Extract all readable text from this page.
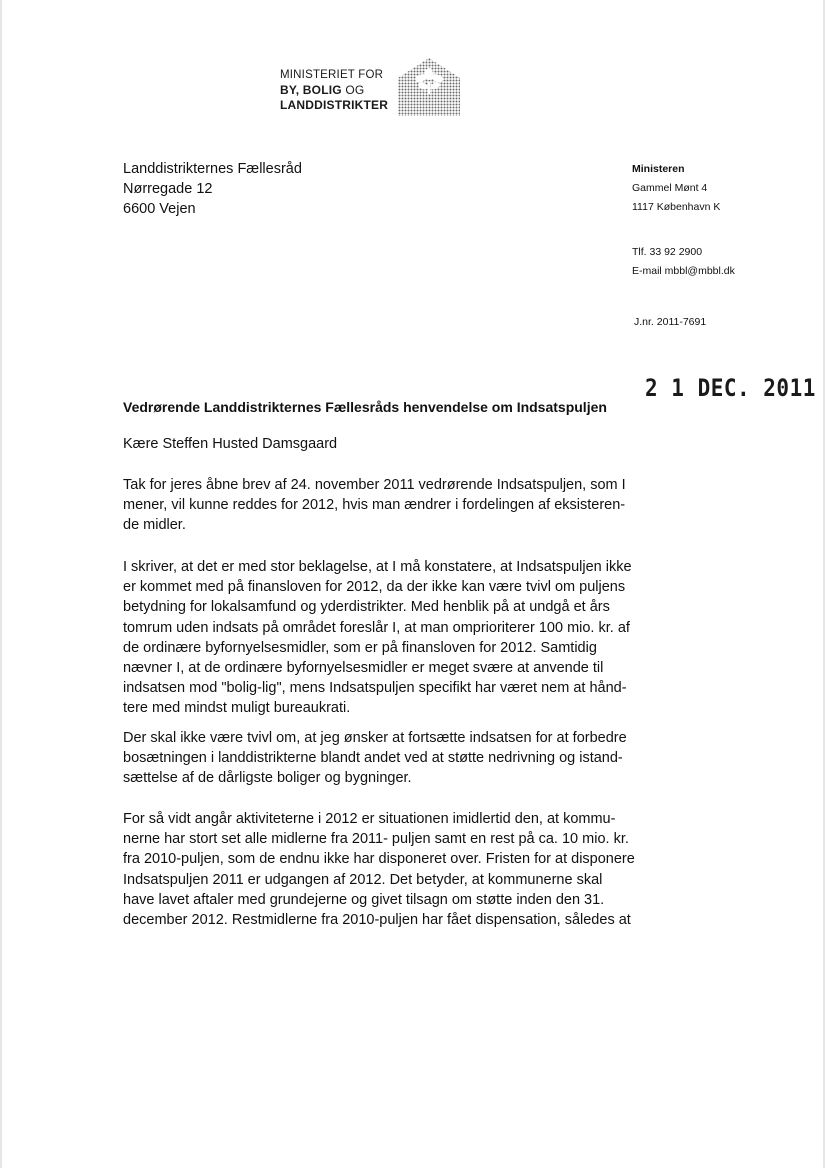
MINISTERIET FOR
BY, BOLIG OG
LANDDISTRIKTER
Landdistrikternes Fællesråd
Nørregade 12
6600 Vejen
Ministeren
Gammel Mønt 4
1117 København K
Tlf. 33 92 2900
E-mail mbbl@mbbl.dk
J.nr. 2011-7691
2 1 DEC. 2011
Vedrørende Landdistrikternes Fællesråds henvendelse om Indsatspuljen
Kære Steffen Husted Damsgaard
Tak for jeres åbne brev af 24. november 2011 vedrørende Indsatspuljen, som I
mener, vil kunne reddes for 2012, hvis man ændrer i fordelingen af eksisteren-
de midler.
I skriver, at det er med stor beklagelse, at I må konstatere, at Indsatspuljen ikke
er kommet med på finansloven for 2012, da der ikke kan være tvivl om puljens
betydning for lokalsamfund og yderdistrikter. Med henblik på at undgå et års
tomrum uden indsats på området foreslår I, at man omprioriterer 100 mio. kr. af
de ordinære byfornyelsesmidler, som er på finansloven for 2012. Samtidig
nævner I, at de ordinære byfornyelsesmidler er meget svære at anvende til
indsatsen mod "bolig-lig", mens Indsatspuljen specifikt har været nem at hånd-
tere med mindst muligt bureaukrati.
Der skal ikke være tvivl om, at jeg ønsker at fortsætte indsatsen for at forbedre
bosætningen i landdistrikterne blandt andet ved at støtte nedrivning og istand-
sættelse af de dårligste boliger og bygninger.
For så vidt angår aktiviteterne i 2012 er situationen imidlertid den, at kommu-
nerne har stort set alle midlerne fra 2011- puljen samt en rest på ca. 10 mio. kr.
fra 2010-puljen, som de endnu ikke har disponeret over. Fristen for at disponere
Indsatspuljen 2011 er udgangen af 2012. Det betyder, at kommunerne skal
have lavet aftaler med grundejerne og givet tilsagn om støtte inden den 31.
december 2012. Restmidlerne fra 2010-puljen har fået dispensation, således at
